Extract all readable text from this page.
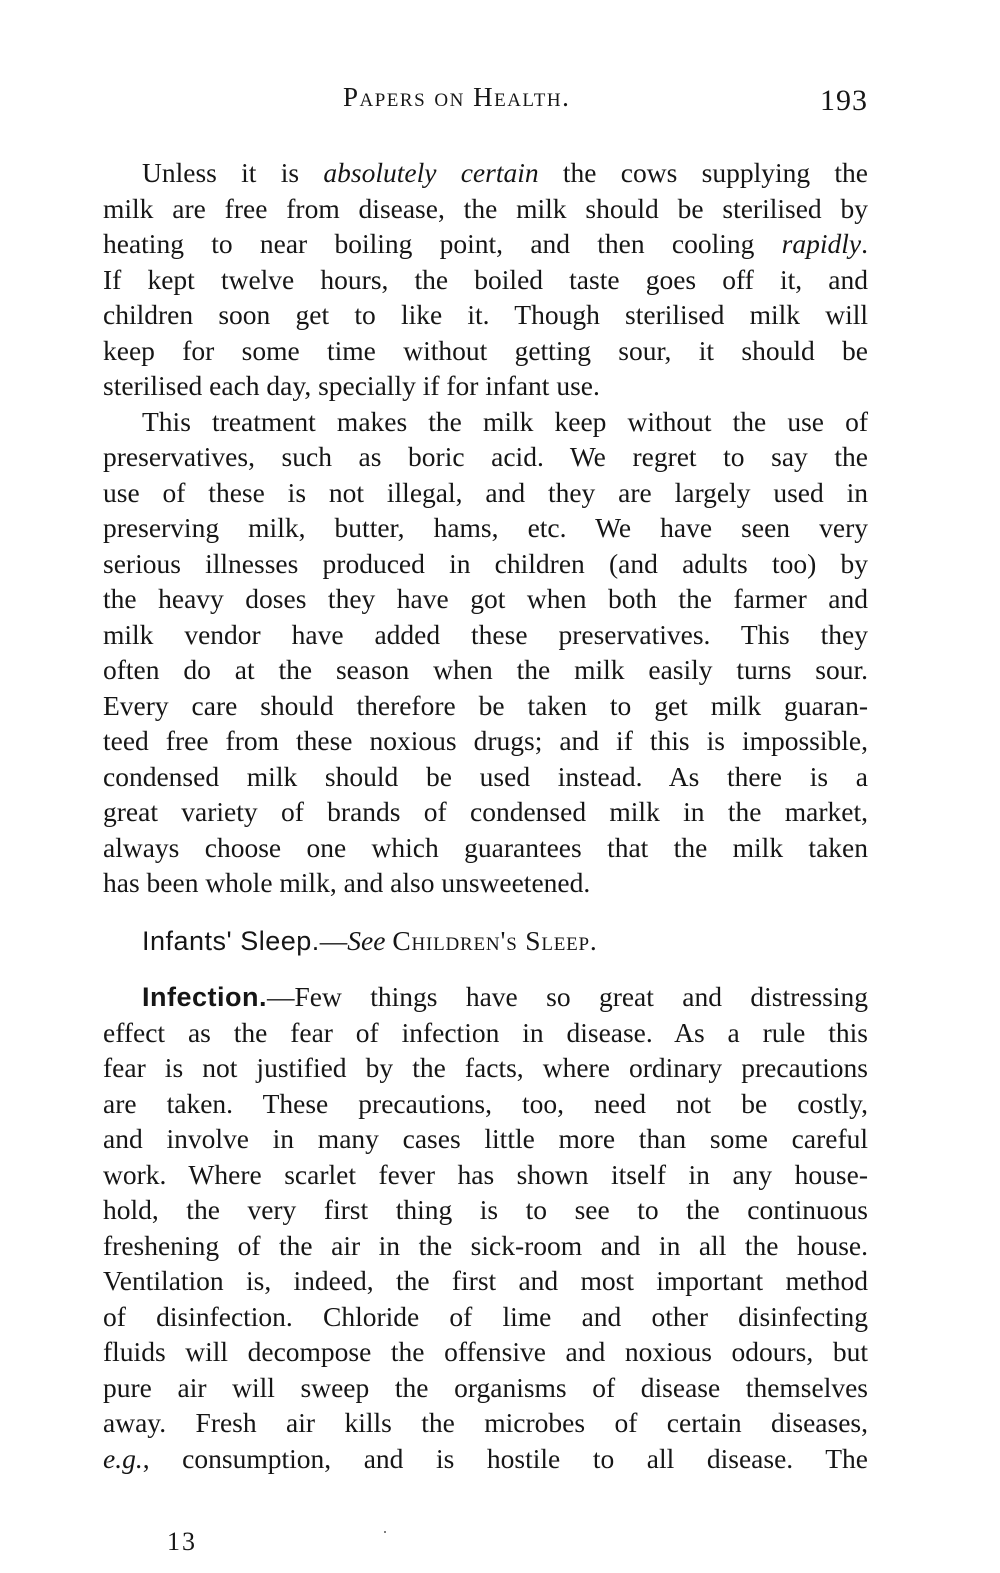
Papers on Health.	193
Unless it is absolutely certain the cows supplying the
milk are free from disease, the milk should be sterilised by
heating to near boiling point, and then cooling rapidly.
If kept twelve hours, the boiled taste goes off it, and
children soon get to like it. Though sterilised milk will
keep for some time without getting sour, it should be
sterilised each day, specially if for infant use.
This treatment makes the milk keep without the use of
preservatives, such as boric acid. We regret to say the
use of these is not illegal, and they are largely used in
preserving milk, butter, hams, etc. We have seen very
serious illnesses produced in children (and adults too) by
the heavy doses they have got when both the farmer and
milk vendor have added these preservatives. This they
often do at the season when the milk easily turns sour.
Every care should therefore be taken to get milk guaran-
teed free from these noxious drugs; and if this is impossible,
condensed milk should be used instead. As there is a
great variety of brands of condensed milk in the market,
always choose one which guarantees that the milk taken
has been whole milk, and also unsweetened.
Infants' Sleep.—See Children's Sleep.
Infection.—Few things have so great and distressing
effect as the fear of infection in disease. As a rule this
fear is not justified by the facts, where ordinary precautions
are taken. These precautions, too, need not be costly,
and involve in many cases little more than some careful
work. Where scarlet fever has shown itself in any house-
hold, the very first thing is to see to the continuous
freshening of the air in the sick-room and in all the house.
Ventilation is, indeed, the first and most important method
of disinfection. Chloride of lime and other disinfecting
fluids will decompose the offensive and noxious odours, but
pure air will sweep the organisms of disease themselves
away. Fresh air kills the microbes of certain diseases,
e.g., consumption, and is hostile to all disease. The
13
